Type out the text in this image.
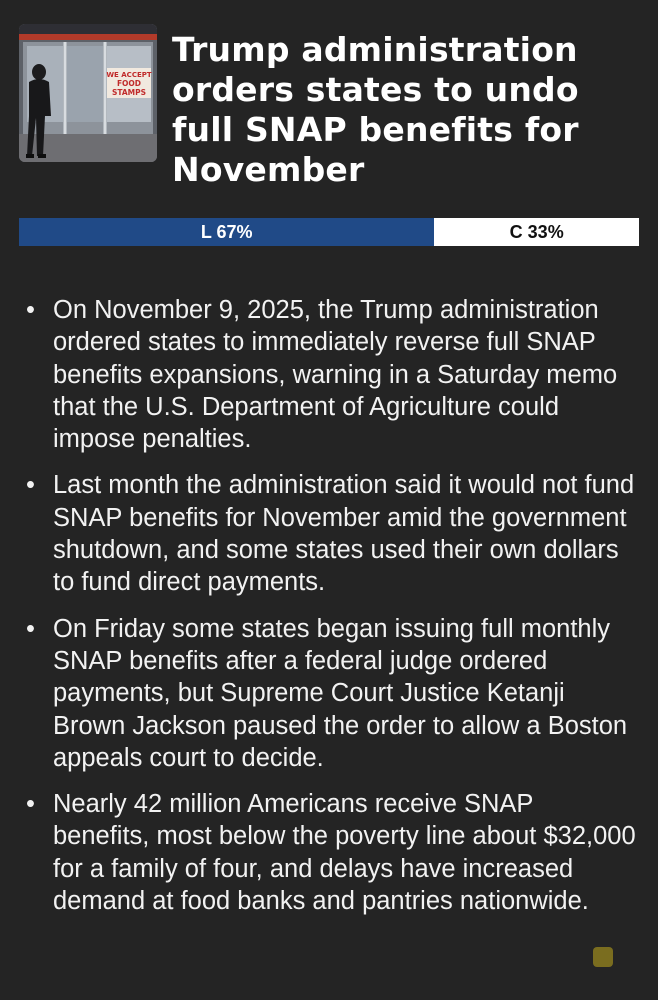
WE ACCEPT
FOOD
STAMPS
Trump administration orders states to undo full SNAP benefits for November
L 67%	C 33%
• On November 9, 2025, the Trump administration ordered states to immediately reverse full SNAP benefits expansions, warning in a Saturday memo that the U.S. Department of Agriculture could impose penalties.
• Last month the administration said it would not fund SNAP benefits for November amid the government shutdown, and some states used their own dollars to fund direct payments.
• On Friday some states began issuing full monthly SNAP benefits after a federal judge ordered payments, but Supreme Court Justice Ketanji Brown Jackson paused the order to allow a Boston appeals court to decide.
• Nearly 42 million Americans receive SNAP benefits, most below the poverty line about $32,000 for a family of four, and delays have increased demand at food banks and pantries nationwide.
